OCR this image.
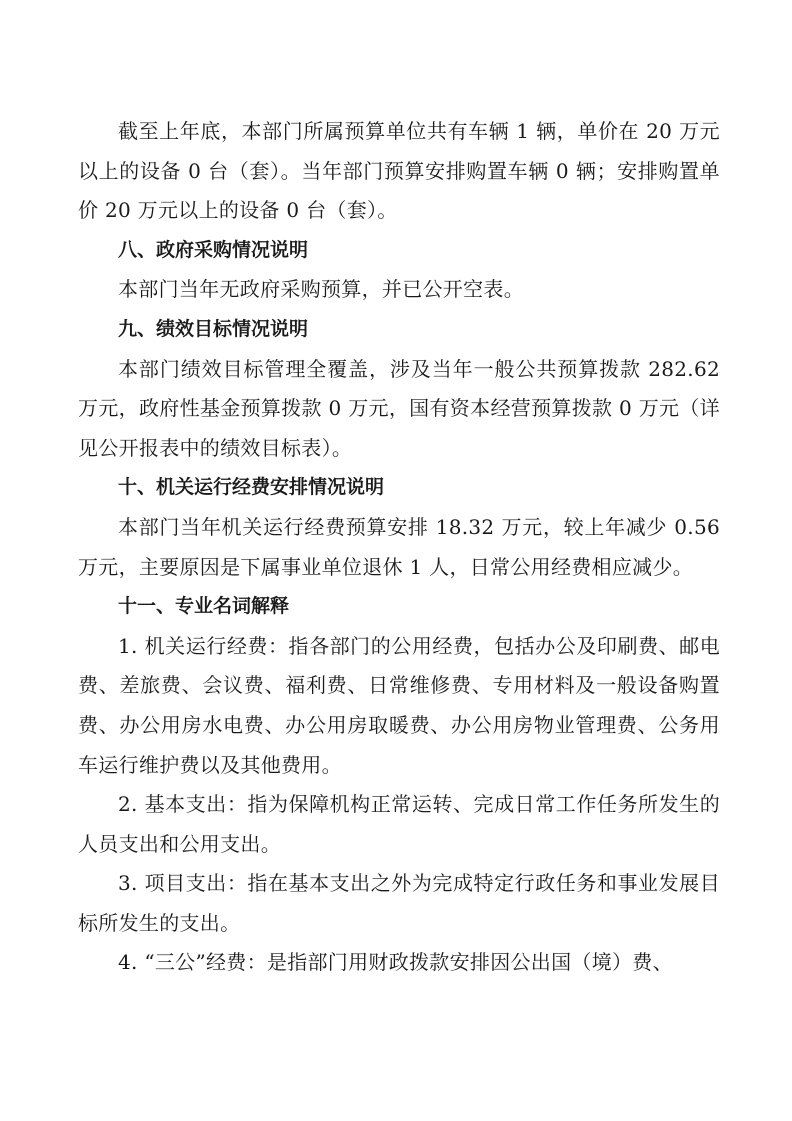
截至上年底，本部门所属预算单位共有车辆 1 辆，单价在 20 万元以上的设备 0 台（套）。当年部门预算安排购置车辆 0 辆；安排购置单价 20 万元以上的设备 0 台（套）。

八、政府采购情况说明

本部门当年无政府采购预算，并已公开空表。

九、绩效目标情况说明

本部门绩效目标管理全覆盖，涉及当年一般公共预算拨款 282.62 万元，政府性基金预算拨款 0 万元，国有资本经营预算拨款 0 万元（详见公开报表中的绩效目标表）。

十、机关运行经费安排情况说明

本部门当年机关运行经费预算安排 18.32 万元，较上年减少 0.56 万元，主要原因是下属事业单位退休 1 人，日常公用经费相应减少。

十一、专业名词解释

1. 机关运行经费：指各部门的公用经费，包括办公及印刷费、邮电费、差旅费、会议费、福利费、日常维修费、专用材料及一般设备购置费、办公用房水电费、办公用房取暖费、办公用房物业管理费、公务用车运行维护费以及其他费用。

2. 基本支出：指为保障机构正常运转、完成日常工作任务所发生的人员支出和公用支出。

3. 项目支出：指在基本支出之外为完成特定行政任务和事业发展目标所发生的支出。

4. “三公”经费：是指部门用财政拨款安排因公出国（境）费、
